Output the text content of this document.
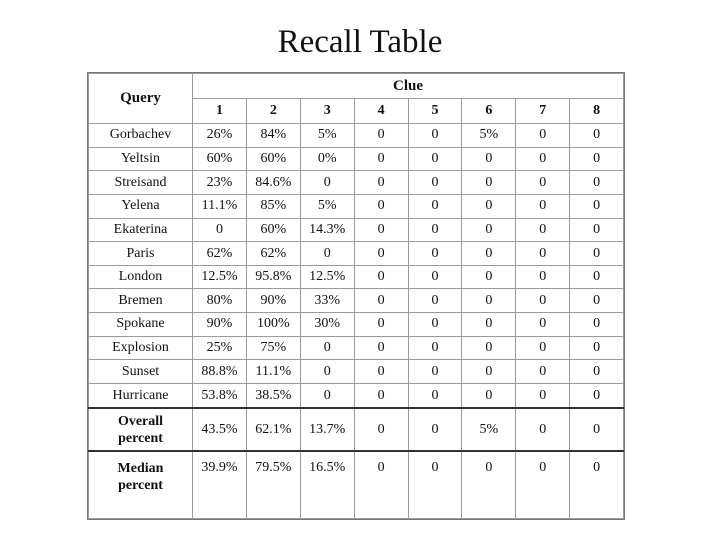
Recall Table
Query	Clue							
	1	2	3	4	5	6	7	8
Gorbachev	26%	84%	5%	0	0	5%	0	0
Yeltsin	60%	60%	0%	0	0	0	0	0
Streisand	23%	84.6%	0	0	0	0	0	0
Yelena	11.1%	85%	5%	0	0	0	0	0
Ekaterina	0	60%	14.3%	0	0	0	0	0
Paris	62%	62%	0	0	0	0	0	0
London	12.5%	95.8%	12.5%	0	0	0	0	0
Bremen	80%	90%	33%	0	0	0	0	0
Spokane	90%	100%	30%	0	0	0	0	0
Explosion	25%	75%	0	0	0	0	0	0
Sunset	88.8%	11.1%	0	0	0	0	0	0
Hurricane	53.8%	38.5%	0	0	0	0	0	0

Overall
percent	43.5%	62.1%	13.7%	0	0	5%	0	0

Median
percent	39.9%	79.5%	16.5%	0	0	0	0	0
